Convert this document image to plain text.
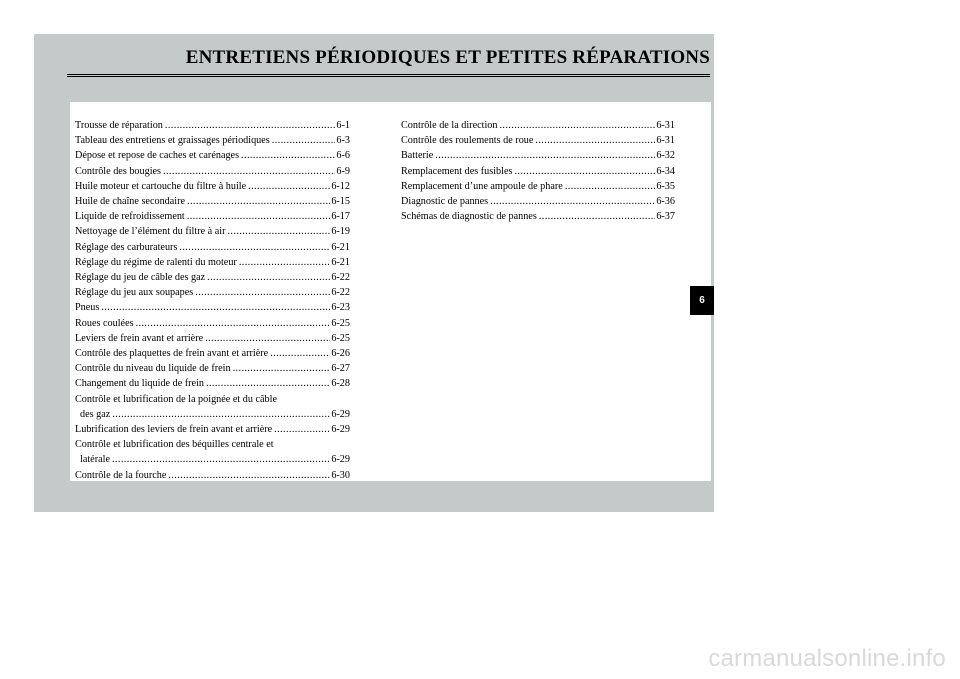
ENTRETIENS PÉRIODIQUES ET PETITES RÉPARATIONS
Trousse de réparation .....	6-1
Tableau des entretiens et graissages périodiques .....	6-3
Dépose et repose de caches et carénages .....	6-6
Contrôle des bougies .....	6-9
Huile moteur et cartouche du filtre à huile .....	6-12
Huile de chaîne secondaire .....	6-15
Liquide de refroidissement .....	6-17
Nettoyage de l’élément du filtre à air .....	6-19
Réglage des carburateurs .....	6-21
Réglage du régime de ralenti du moteur .....	6-21
Réglage du jeu de câble des gaz .....	6-22
Réglage du jeu aux soupapes .....	6-22
Pneus .....	6-23
Roues coulées .....	6-25
Leviers de frein avant et arrière .....	6-25
Contrôle des plaquettes de frein avant et arrière .....	6-26
Contrôle du niveau du liquide de frein .....	6-27
Changement du liquide de frein .....	6-28
Contrôle et lubrification de la poignée et du câble
des gaz .....	6-29
Lubrification des leviers de frein avant et arrière .....	6-29
Contrôle et lubrification des béquilles centrale et
latérale .....	6-29
Contrôle de la fourche .....	6-30
Contrôle de la direction .....	6-31
Contrôle des roulements de roue .....	6-31
Batterie .....	6-32
Remplacement des fusibles .....	6-34
Remplacement d’une ampoule de phare .....	6-35
Diagnostic de pannes .....	6-36
Schémas de diagnostic de pannes .....	6-37
6
carmanualsonline.info
